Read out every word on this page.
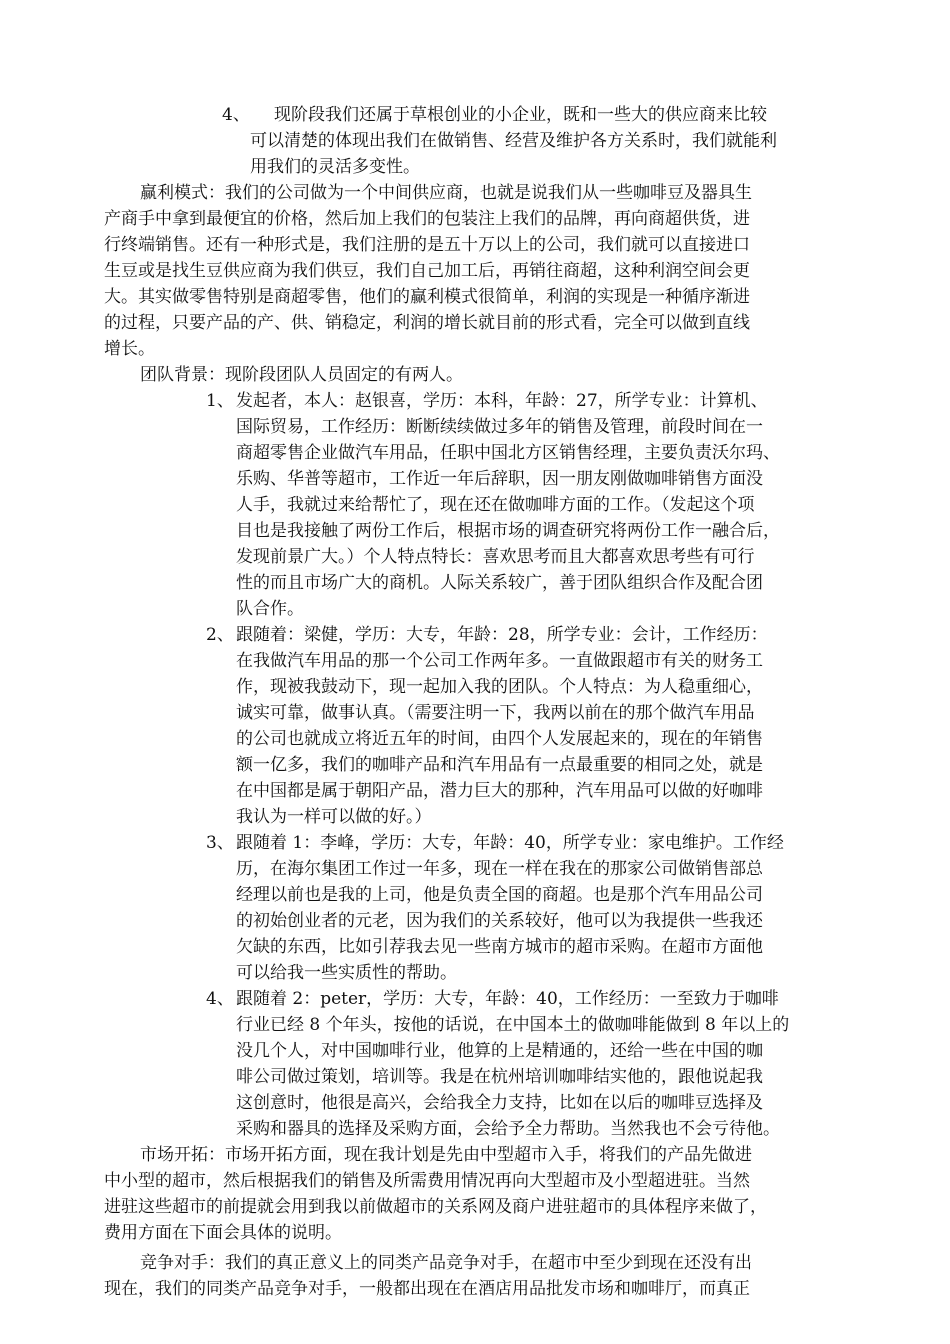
4、 现阶段我们还属于草根创业的小企业，既和一些大的供应商来比较
可以清楚的体现出我们在做销售、经营及维护各方关系时，我们就能利
用我们的灵活多变性。
赢利模式：我们的公司做为一个中间供应商，也就是说我们从一些咖啡豆及器具生
产商手中拿到最便宜的价格，然后加上我们的包装注上我们的品牌，再向商超供货，进
行终端销售。还有一种形式是，我们注册的是五十万以上的公司，我们就可以直接进口
生豆或是找生豆供应商为我们供豆，我们自己加工后，再销往商超，这种利润空间会更
大。其实做零售特别是商超零售，他们的赢利模式很简单，利润的实现是一种循序渐进
的过程，只要产品的产、供、销稳定，利润的增长就目前的形式看，完全可以做到直线
增长。
团队背景：现阶段团队人员固定的有两人。
1、 发起者，本人：赵银喜，学历：本科，年龄：27，所学专业：计算机、
国际贸易，工作经历：断断续续做过多年的销售及管理，前段时间在一
商超零售企业做汽车用品，任职中国北方区销售经理，主要负责沃尔玛、
乐购、华普等超市，工作近一年后辞职，因一朋友刚做咖啡销售方面没
人手，我就过来给帮忙了，现在还在做咖啡方面的工作。（发起这个项
目也是我接触了两份工作后，根据市场的调查研究将两份工作一融合后，
发现前景广大。）个人特点特长：喜欢思考而且大都喜欢思考些有可行
性的而且市场广大的商机。人际关系较广，善于团队组织合作及配合团
队合作。
2、 跟随着：梁健，学历：大专，年龄：28，所学专业：会计，工作经历：
在我做汽车用品的那一个公司工作两年多。一直做跟超市有关的财务工
作，现被我鼓动下，现一起加入我的团队。个人特点：为人稳重细心，
诚实可靠，做事认真。（需要注明一下，我两以前在的那个做汽车用品
的公司也就成立将近五年的时间，由四个人发展起来的，现在的年销售
额一亿多，我们的咖啡产品和汽车用品有一点最重要的相同之处，就是
在中国都是属于朝阳产品，潜力巨大的那种，汽车用品可以做的好咖啡
我认为一样可以做的好。）
3、 跟随着 1：李峰，学历：大专，年龄：40，所学专业：家电维护。工作经
历，在海尔集团工作过一年多，现在一样在我在的那家公司做销售部总
经理以前也是我的上司，他是负责全国的商超。也是那个汽车用品公司
的初始创业者的元老，因为我们的关系较好，他可以为我提供一些我还
欠缺的东西，比如引荐我去见一些南方城市的超市采购。在超市方面他
可以给我一些实质性的帮助。
4、 跟随着 2：peter，学历：大专，年龄：40，工作经历：一至致力于咖啡
行业已经 8 个年头，按他的话说，在中国本土的做咖啡能做到 8 年以上的
没几个人，对中国咖啡行业，他算的上是精通的，还给一些在中国的咖
啡公司做过策划，培训等。我是在杭州培训咖啡结实他的，跟他说起我
这创意时，他很是高兴，会给我全力支持，比如在以后的咖啡豆选择及
采购和器具的选择及采购方面，会给予全力帮助。当然我也不会亏待他。
市场开拓：市场开拓方面，现在我计划是先由中型超市入手，将我们的产品先做进
中小型的超市，然后根据我们的销售及所需费用情况再向大型超市及小型超进驻。当然
进驻这些超市的前提就会用到我以前做超市的关系网及商户进驻超市的具体程序来做了，
费用方面在下面会具体的说明。
竞争对手：我们的真正意义上的同类产品竞争对手，在超市中至少到现在还没有出
现在，我们的同类产品竞争对手，一般都出现在在酒店用品批发市场和咖啡厅，而真正
